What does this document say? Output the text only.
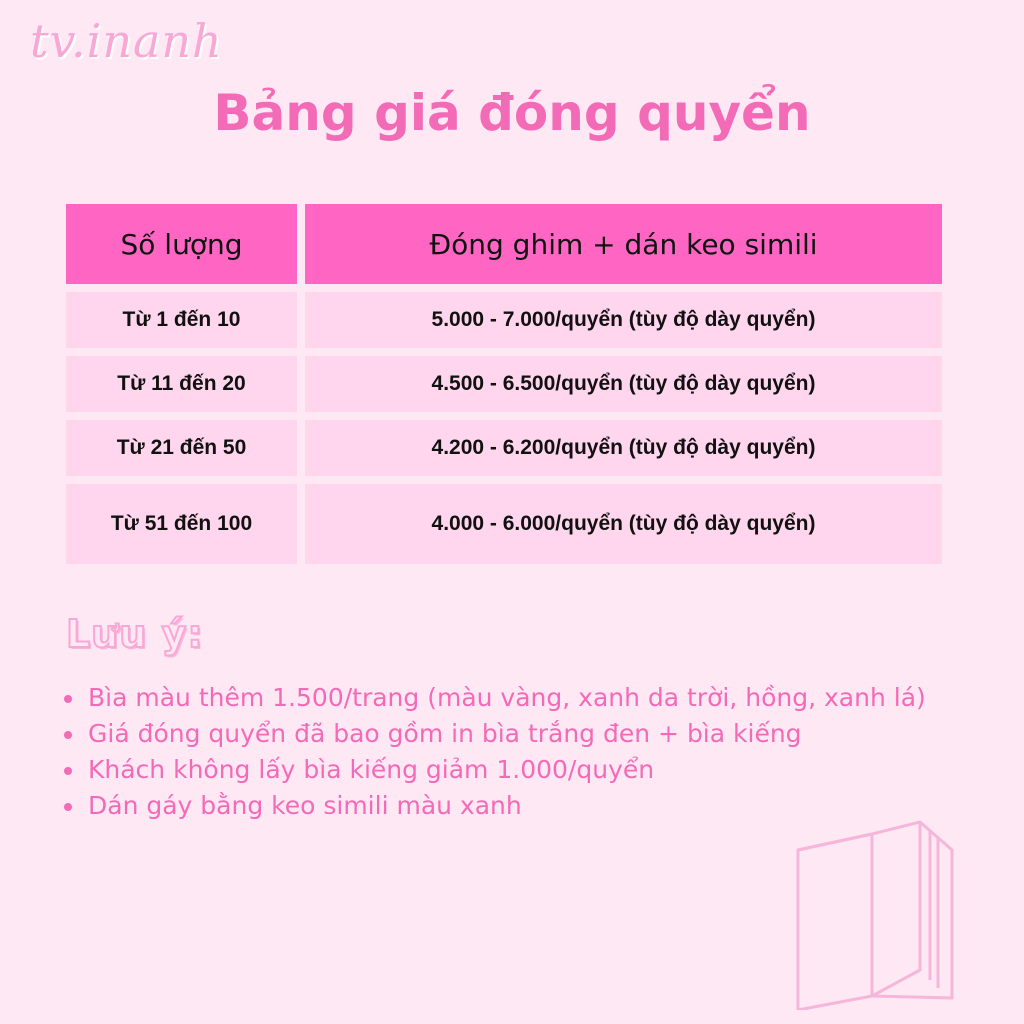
tv.inanh
Bảng giá đóng quyển
Số lượng	Đóng ghim + dán keo simili
Từ 1 đến 10	5.000 - 7.000/quyển (tùy độ dày quyển)
Từ 11 đến 20	4.500 - 6.500/quyển (tùy độ dày quyển)
Từ 21 đến 50	4.200 - 6.200/quyển (tùy độ dày quyển)
Từ 51 đến 100	4.000 - 6.000/quyển (tùy độ dày quyển)
Lưu ý:
• Bìa màu thêm 1.500/trang (màu vàng, xanh da trời, hồng, xanh lá)
• Giá đóng quyển đã bao gồm in bìa trắng đen + bìa kiếng
• Khách không lấy bìa kiếng giảm 1.000/quyển
• Dán gáy bằng keo simili màu xanh
